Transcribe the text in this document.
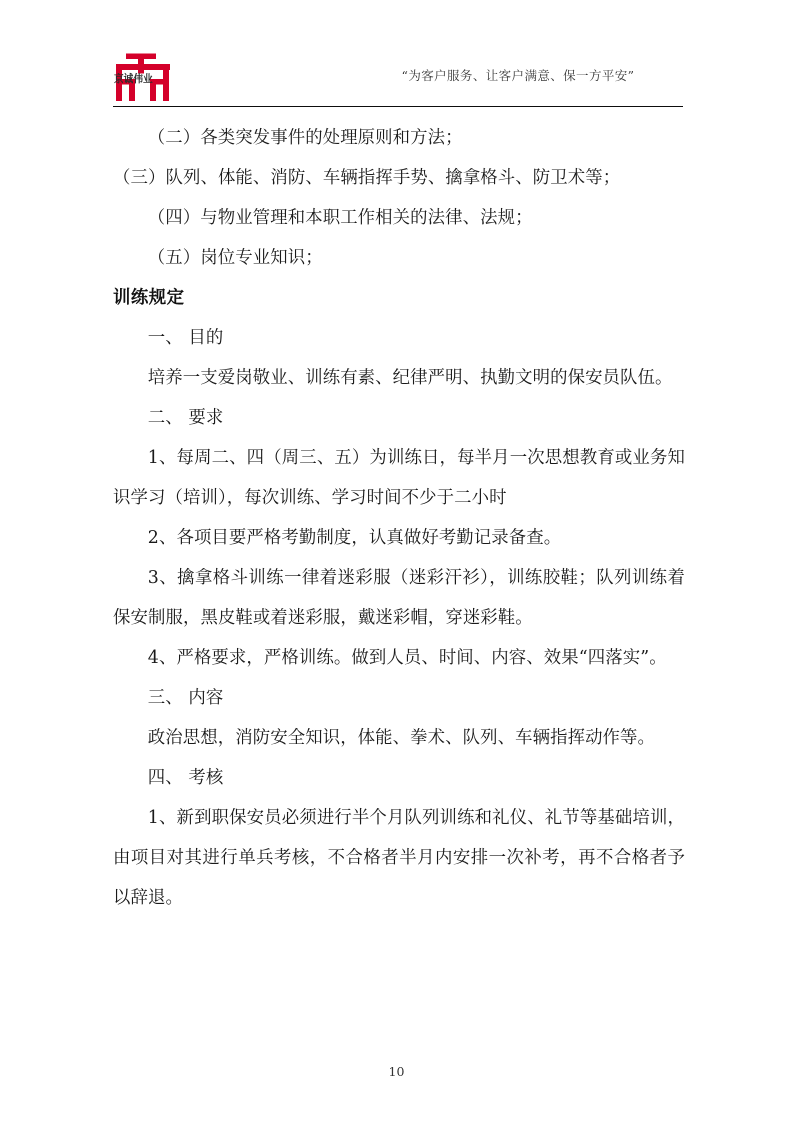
京诚伟业	“为客户服务、让客户满意、保一方平安”

（二）各类突发事件的处理原则和方法；

（三）队列、体能、消防、车辆指挥手势、擒拿格斗、防卫术等；

（四）与物业管理和本职工作相关的法律、法规；

（五）岗位专业知识；

训练规定

一、 目的

培养一支爱岗敬业、训练有素、纪律严明、执勤文明的保安员队伍。

二、 要求

1、每周二、四（周三、五）为训练日，每半月一次思想教育或业务知识学习（培训），每次训练、学习时间不少于二小时

2、各项目要严格考勤制度，认真做好考勤记录备查。

3、擒拿格斗训练一律着迷彩服（迷彩汗衫），训练胶鞋；队列训练着保安制服，黑皮鞋或着迷彩服，戴迷彩帽，穿迷彩鞋。

4、严格要求，严格训练。做到人员、时间、内容、效果“四落实”。

三、 内容

政治思想，消防安全知识，体能、拳术、队列、车辆指挥动作等。

四、 考核

1、新到职保安员必须进行半个月队列训练和礼仪、礼节等基础培训，由项目对其进行单兵考核，不合格者半月内安排一次补考，再不合格者予以辞退。

10
